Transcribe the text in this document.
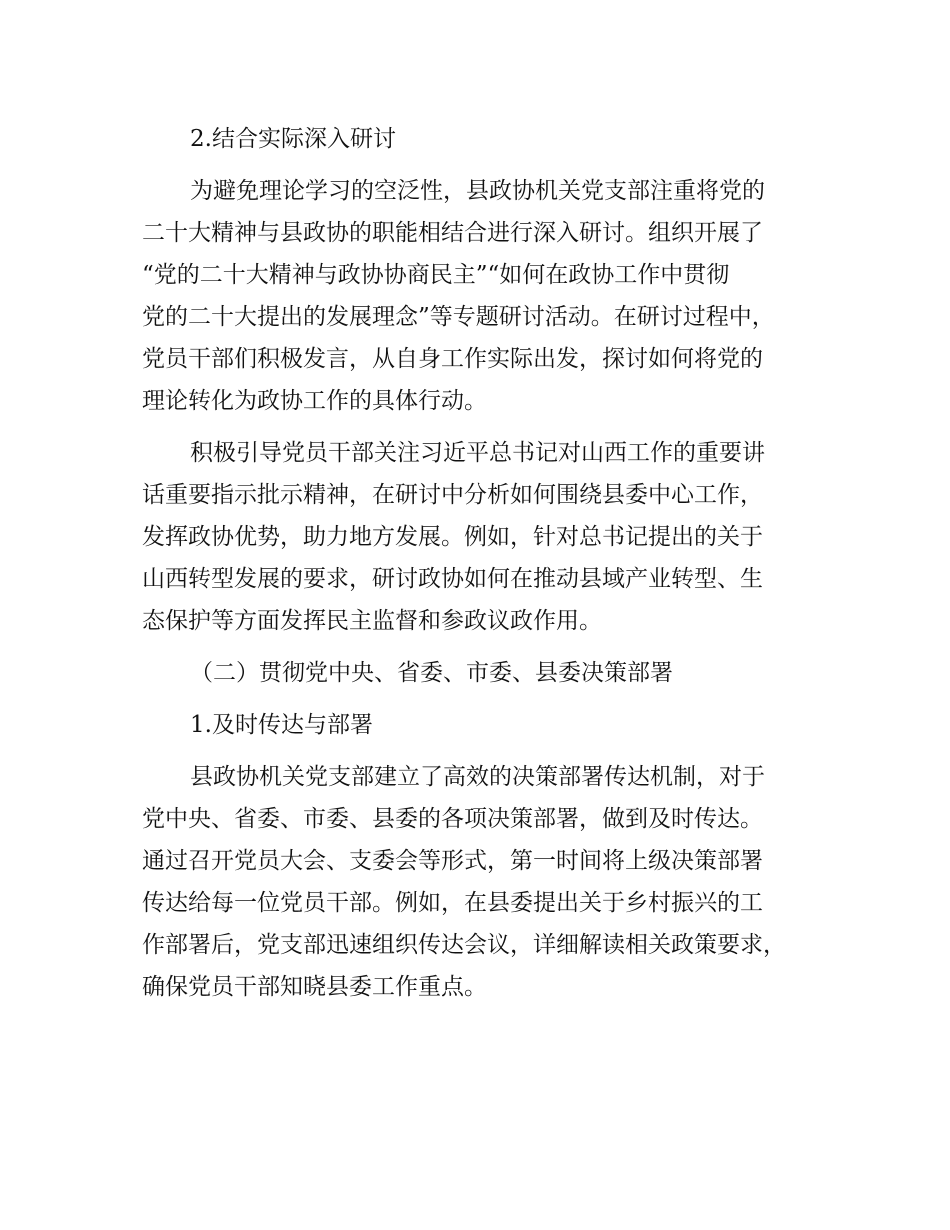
2.结合实际深入研讨
为避免理论学习的空泛性，县政协机关党支部注重将党的
二十大精神与县政协的职能相结合进行深入研讨。组织开展了
“党的二十大精神与政协协商民主”“如何在政协工作中贯彻
党的二十大提出的发展理念”等专题研讨活动。在研讨过程中，
党员干部们积极发言，从自身工作实际出发，探讨如何将党的
理论转化为政协工作的具体行动。
积极引导党员干部关注习近平总书记对山西工作的重要讲
话重要指示批示精神，在研讨中分析如何围绕县委中心工作，
发挥政协优势，助力地方发展。例如，针对总书记提出的关于
山西转型发展的要求，研讨政协如何在推动县域产业转型、生
态保护等方面发挥民主监督和参政议政作用。
（二）贯彻党中央、省委、市委、县委决策部署
1.及时传达与部署
县政协机关党支部建立了高效的决策部署传达机制，对于
党中央、省委、市委、县委的各项决策部署，做到及时传达。
通过召开党员大会、支委会等形式，第一时间将上级决策部署
传达给每一位党员干部。例如，在县委提出关于乡村振兴的工
作部署后，党支部迅速组织传达会议，详细解读相关政策要求，
确保党员干部知晓县委工作重点。
